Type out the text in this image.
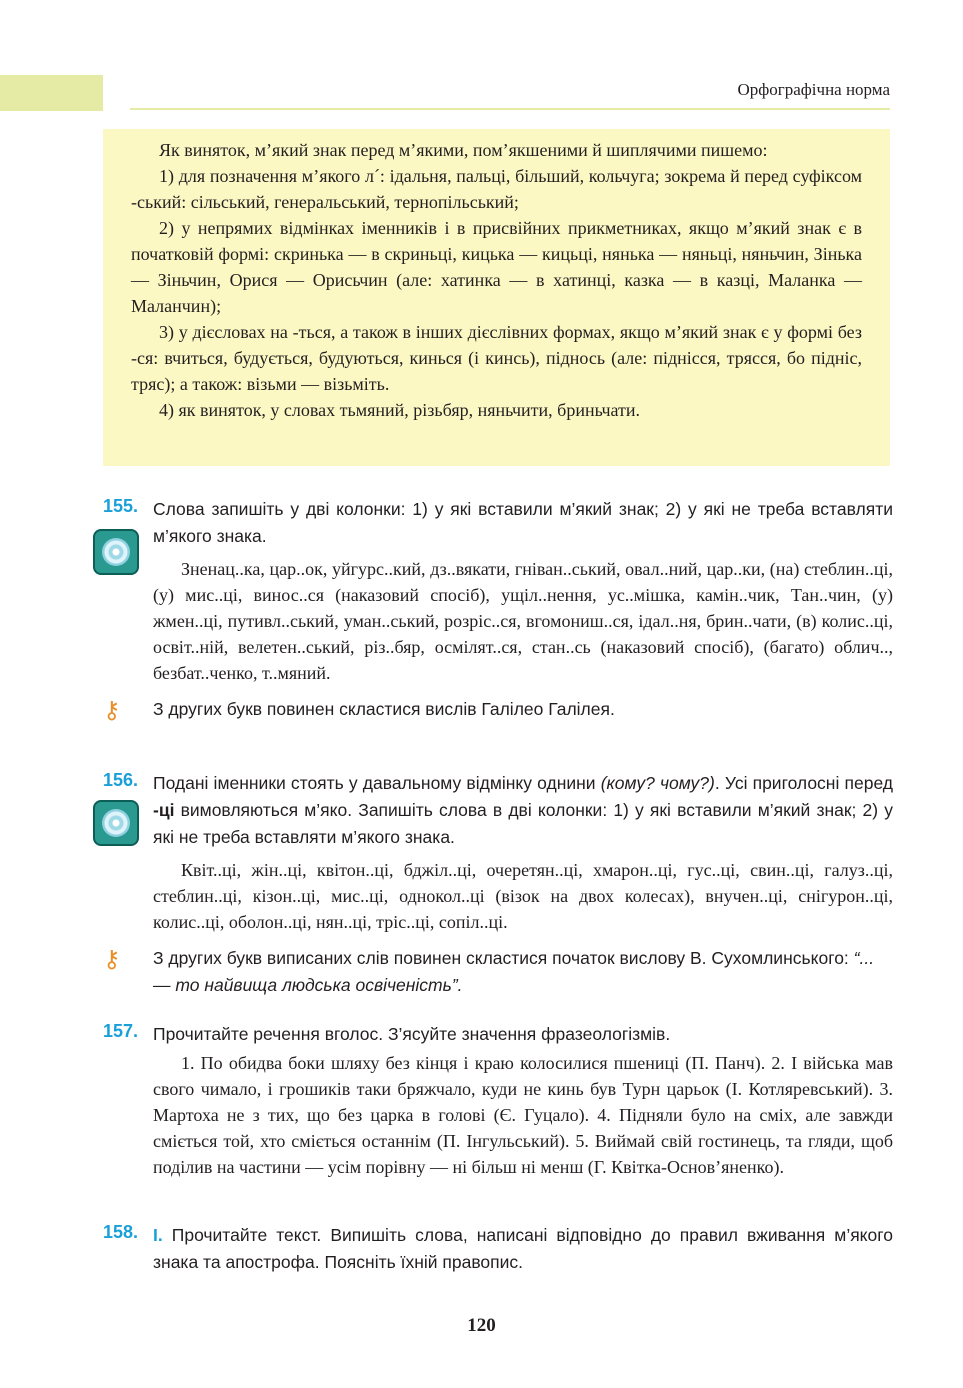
Орфографічна норма

Як виняток, м’який знак перед м’якими, пом’якшеними й шиплячими пишемо:

1) для позначення м’якого л´: ідальня, пальці, більший, кольчуга; зокрема й перед суфіксом -ський: сільський, генеральський, тернопільський;

2) у непрямих відмінках іменників і в присвійних прикметниках, якщо м’який знак є в початковій формі: скринька — в скриньці, кицька — кицьці, нянька — няньці, няньчин, Зінька — Зіньчин, Орися — Орисьчин (але: хатинка — в хатинці, казка — в казці, Маланка — Маланчин);

3) у дієсловах на -ться, а також в інших дієслівних формах, якщо м’який знак є у формі без -ся: вчиться, будується, будуються, кинься (і кинсь), піднось (але: піднісся, трясся, бо підніс, тряс); а також: візьми — візьміть.

4) як виняток, у словах тьмяний, різьбяр, няньчити, бриньчати.

155. Слова запишіть у дві колонки: 1) у які вставили м’який знак; 2) у які не треба вставляти м’якого знака.

Зненац..ка, цар..ок, уйгурс..кий, дз..вякати, гніван..ський, овал..ний, цар..ки, (на) стеблин..ці, (у) мис..ці, винос..ся (наказовий спосіб), ущіл..нення, ус..мішка, камін..чик, Тан..чин, (у) жмен..ці, путивл..ський, уман..ський, розріс..ся, вгомониш..ся, ідал..ня, брин..чати, (в) колис..ці, освіт..ній, велетен..ський, різ..бяр, осмілят..ся, стан..сь (наказовий спосіб), (багато) облич.., безбат..ченко, т..мяний.

⚷ З других букв повинен скластися вислів Галілео Галілея.
156. Подані іменники стоять у давальному відмінку однини (кому? чому?). Усі приголосні перед -ці вимовляються м’яко. Запишіть слова в дві колонки: 1) у які вставили м’який знак; 2) у які не треба вставляти м’якого знака.

Квіт..ці, жін..ці, квітон..ці, бджіл..ці, очеретян..ці, хмарон..ці, гус..ці, свин..ці, галуз..ці, стеблин..ці, кізон..ці, мис..ці, однокол..ці (візок на двох колесах), внучен..ці, снігурон..ці, колис..ці, оболон..ці, нян..ці, тріс..ці, сопіл..ці.

⚷ З других букв виписаних слів повинен скластися початок вислову В. Сухомлинського: “... — то найвища людська освіченість”.
157. Прочитайте речення вголос. З’ясуйте значення фразеологізмів.

1. По обидва боки шляху без кінця і краю колосилися пшениці (П. Панч). 2. І війська мав свого чимало, і грошиків таки бряжчало, куди не кинь був Турн царьок (І. Котляревський). 3. Мартоха не з тих, що без царка в голові (Є. Гуцало). 4. Підняли було на сміх, але завжди сміється той, хто сміється останнім (П. Інгульський). 5. Виймай свій гостинець, та гляди, щоб поділив на частини — усім порівну — ні більш ні менш (Г. Квітка-Основ’яненко).

158. І. Прочитайте текст. Випишіть слова, написані відповідно до правил вживання м’якого знака та апострофа. Поясніть їхній правопис.
120
